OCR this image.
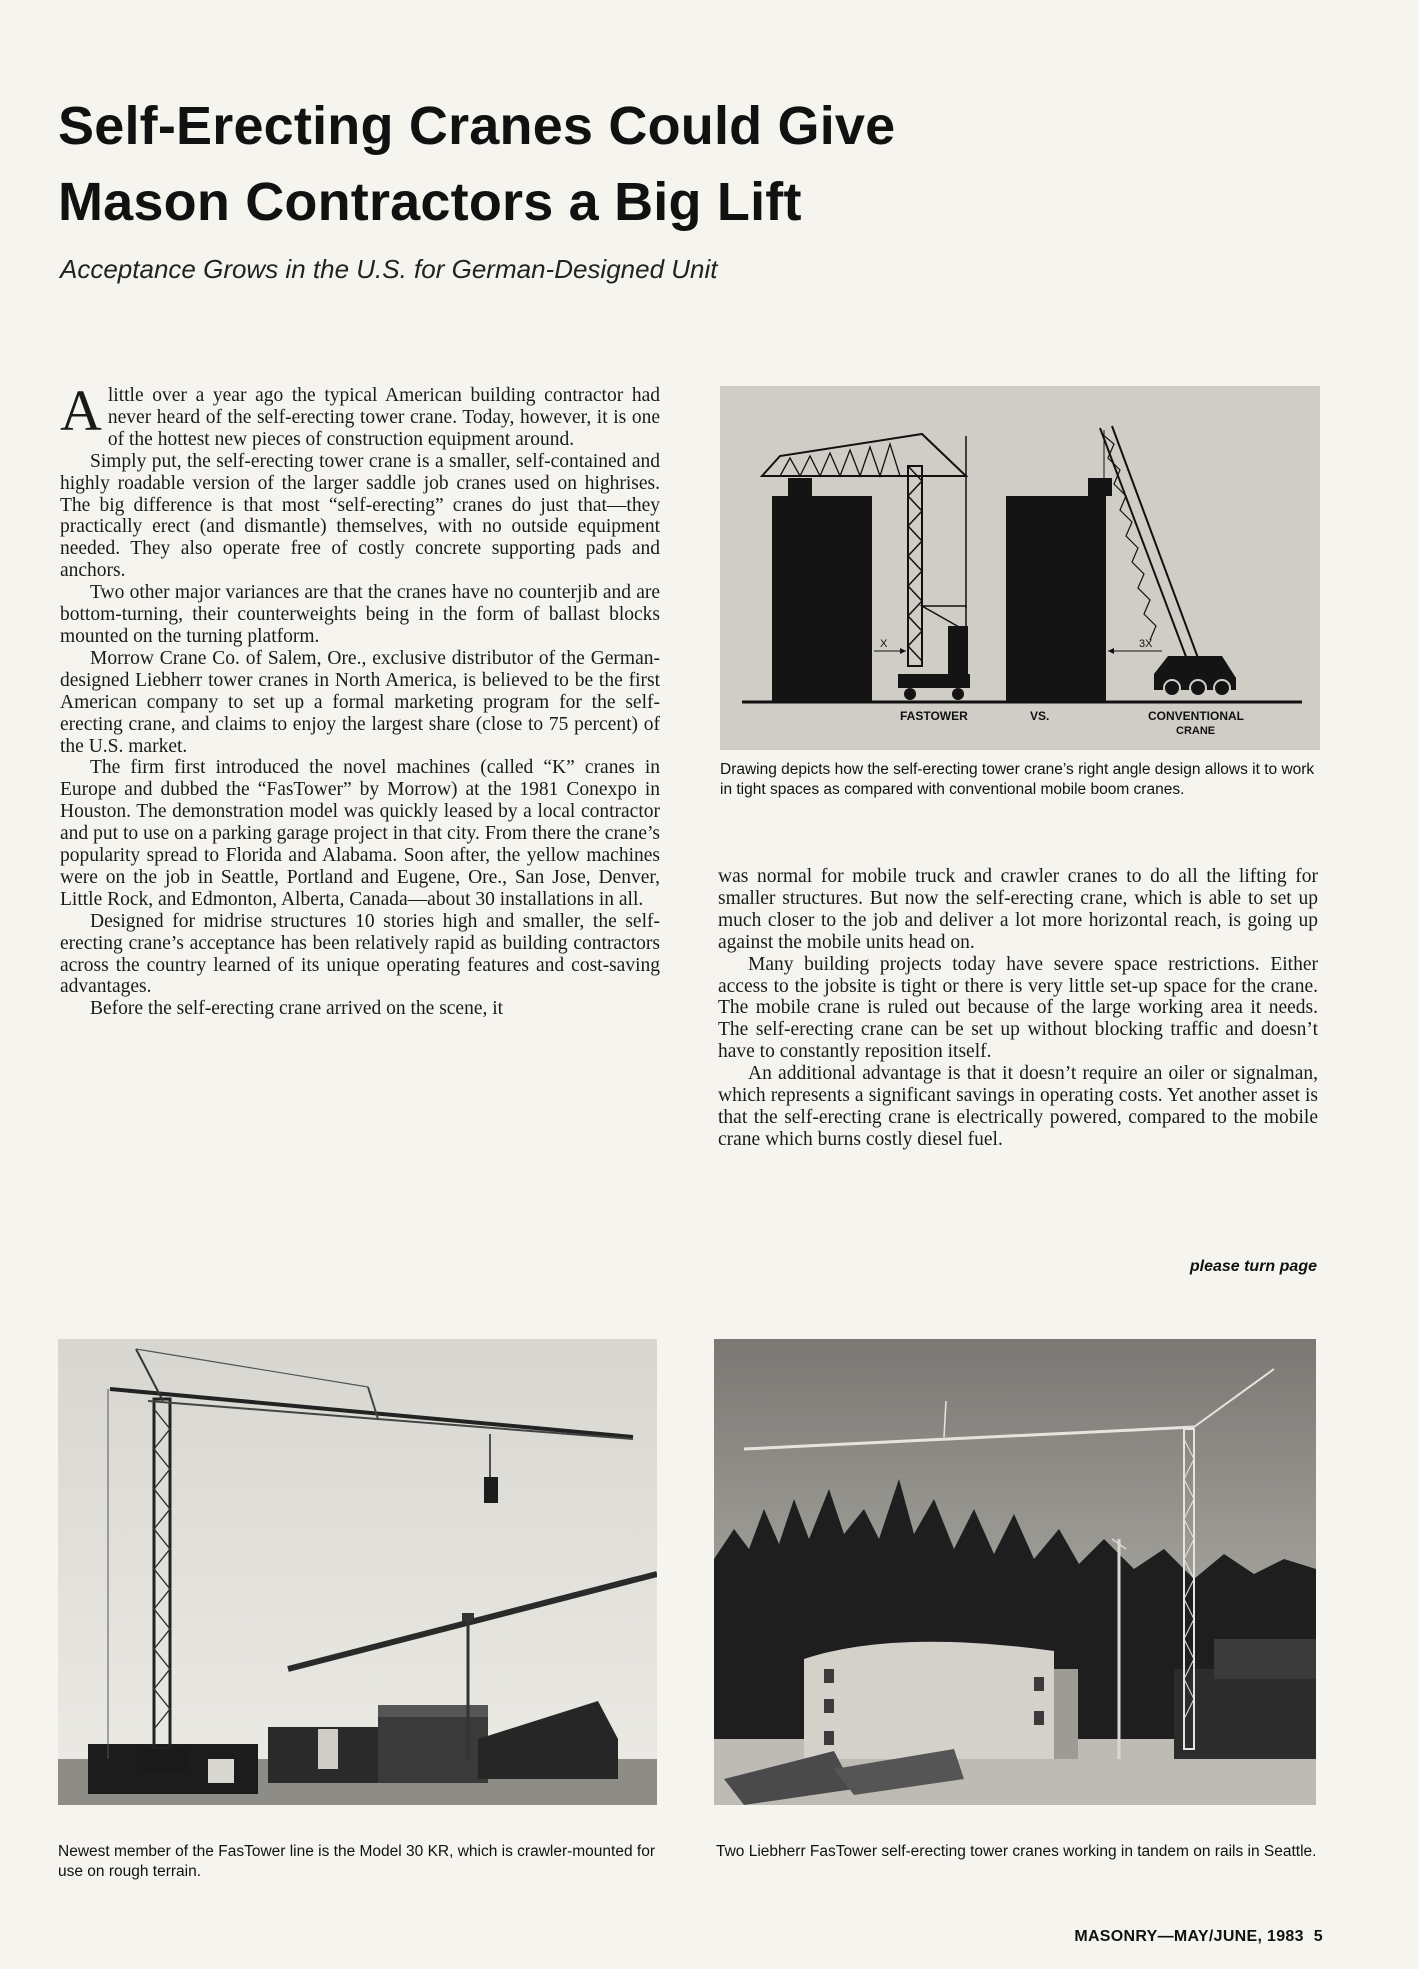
Self-Erecting Cranes Could Give
Mason Contractors a Big Lift

Acceptance Grows in the U.S. for German-Designed Unit

A little over a year ago the typical American building contractor had never heard of the self-erecting tower crane. Today, however, it is one of the hottest new pieces of construction equipment around.

Simply put, the self-erecting tower crane is a smaller, self-contained and highly roadable version of the larger saddle job cranes used on highrises. The big difference is that most “self-erecting” cranes do just that—they practically erect (and dismantle) themselves, with no outside equipment needed. They also operate free of costly concrete supporting pads and anchors.

Two other major variances are that the cranes have no counterjib and are bottom-turning, their counterweights being in the form of ballast blocks mounted on the turning platform.

Morrow Crane Co. of Salem, Ore., exclusive distributor of the German-designed Liebherr tower cranes in North America, is believed to be the first American company to set up a formal marketing program for the self-erecting crane, and claims to enjoy the largest share (close to 75 percent) of the U.S. market.

The firm first introduced the novel machines (called “K” cranes in Europe and dubbed the “FasTower” by Morrow) at the 1981 Conexpo in Houston. The demonstration model was quickly leased by a local contractor and put to use on a parking garage project in that city. From there the crane’s popularity spread to Florida and Alabama. Soon after, the yellow machines were on the job in Seattle, Portland and Eugene, Ore., San Jose, Denver, Little Rock, and Edmonton, Alberta, Canada—about 30 installations in all.

Designed for midrise structures 10 stories high and smaller, the self-erecting crane’s acceptance has been relatively rapid as building contractors across the country learned of its unique operating features and cost-saving advantages.

Before the self-erecting crane arrived on the scene, it

X	3X
FASTOWER	VS.	CONVENTIONAL
CRANE

Drawing depicts how the self-erecting tower crane’s right angle design allows it to work in tight spaces as compared with conventional mobile boom cranes.

was normal for mobile truck and crawler cranes to do all the lifting for smaller structures. But now the self-erecting crane, which is able to set up much closer to the job and deliver a lot more horizontal reach, is going up against the mobile units head on.

Many building projects today have severe space restrictions. Either access to the jobsite is tight or there is very little set-up space for the crane. The mobile crane is ruled out because of the large working area it needs. The self-erecting crane can be set up without blocking traffic and doesn’t have to constantly reposition itself.

An additional advantage is that it doesn’t require an oiler or signalman, which represents a significant savings in operating costs. Yet another asset is that the self-erecting crane is electrically powered, compared to the mobile crane which burns costly diesel fuel.

please turn page

Newest member of the FasTower line is the Model 30 KR, which is crawler-mounted for use on rough terrain.

Two Liebherr FasTower self-erecting tower cranes working in tandem on rails in Seattle.

MASONRY—MAY/JUNE, 1983 5
